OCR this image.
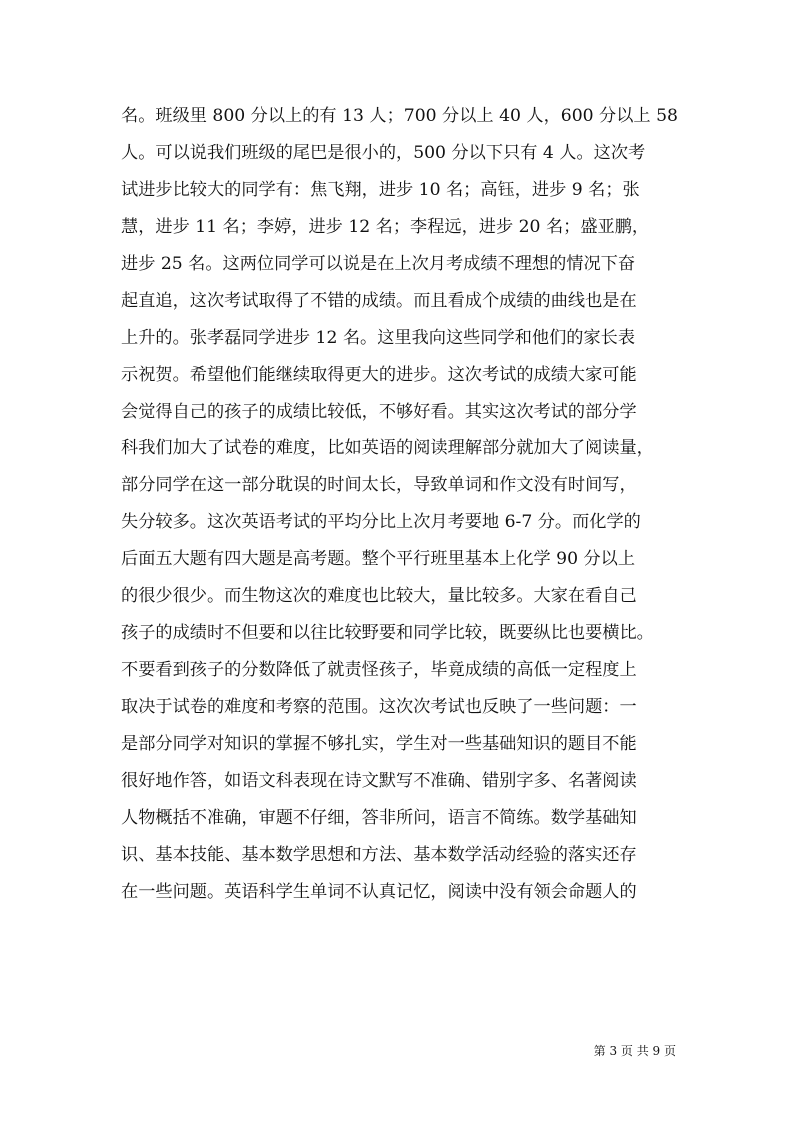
名。班级里 800 分以上的有 13 人；700 分以上 40 人，600 分以上 58
人。可以说我们班级的尾巴是很小的，500 分以下只有 4 人。这次考
试进步比较大的同学有：焦飞翔，进步 10 名；高钰，进步 9 名；张
慧，进步 11 名；李婷，进步 12 名；李程远，进步 20 名；盛亚鹏，
进步 25 名。这两位同学可以说是在上次月考成绩不理想的情况下奋
起直追，这次考试取得了不错的成绩。而且看成个成绩的曲线也是在
上升的。张孝磊同学进步 12 名。这里我向这些同学和他们的家长表
示祝贺。希望他们能继续取得更大的进步。这次考试的成绩大家可能
会觉得自己的孩子的成绩比较低，不够好看。其实这次考试的部分学
科我们加大了试卷的难度，比如英语的阅读理解部分就加大了阅读量，
部分同学在这一部分耽误的时间太长，导致单词和作文没有时间写，
失分较多。这次英语考试的平均分比上次月考要地 6-7 分。而化学的
后面五大题有四大题是高考题。整个平行班里基本上化学 90 分以上
的很少很少。而生物这次的难度也比较大，量比较多。大家在看自己
孩子的成绩时不但要和以往比较野要和同学比较，既要纵比也要横比。
不要看到孩子的分数降低了就责怪孩子，毕竟成绩的高低一定程度上
取决于试卷的难度和考察的范围。这次次考试也反映了一些问题：一
是部分同学对知识的掌握不够扎实，学生对一些基础知识的题目不能
很好地作答，如语文科表现在诗文默写不准确、错别字多、名著阅读
人物概括不准确，审题不仔细，答非所问，语言不简练。数学基础知
识、基本技能、基本数学思想和方法、基本数学活动经验的落实还存
在一些问题。英语科学生单词不认真记忆，阅读中没有领会命题人的
第 3 页 共 9 页
